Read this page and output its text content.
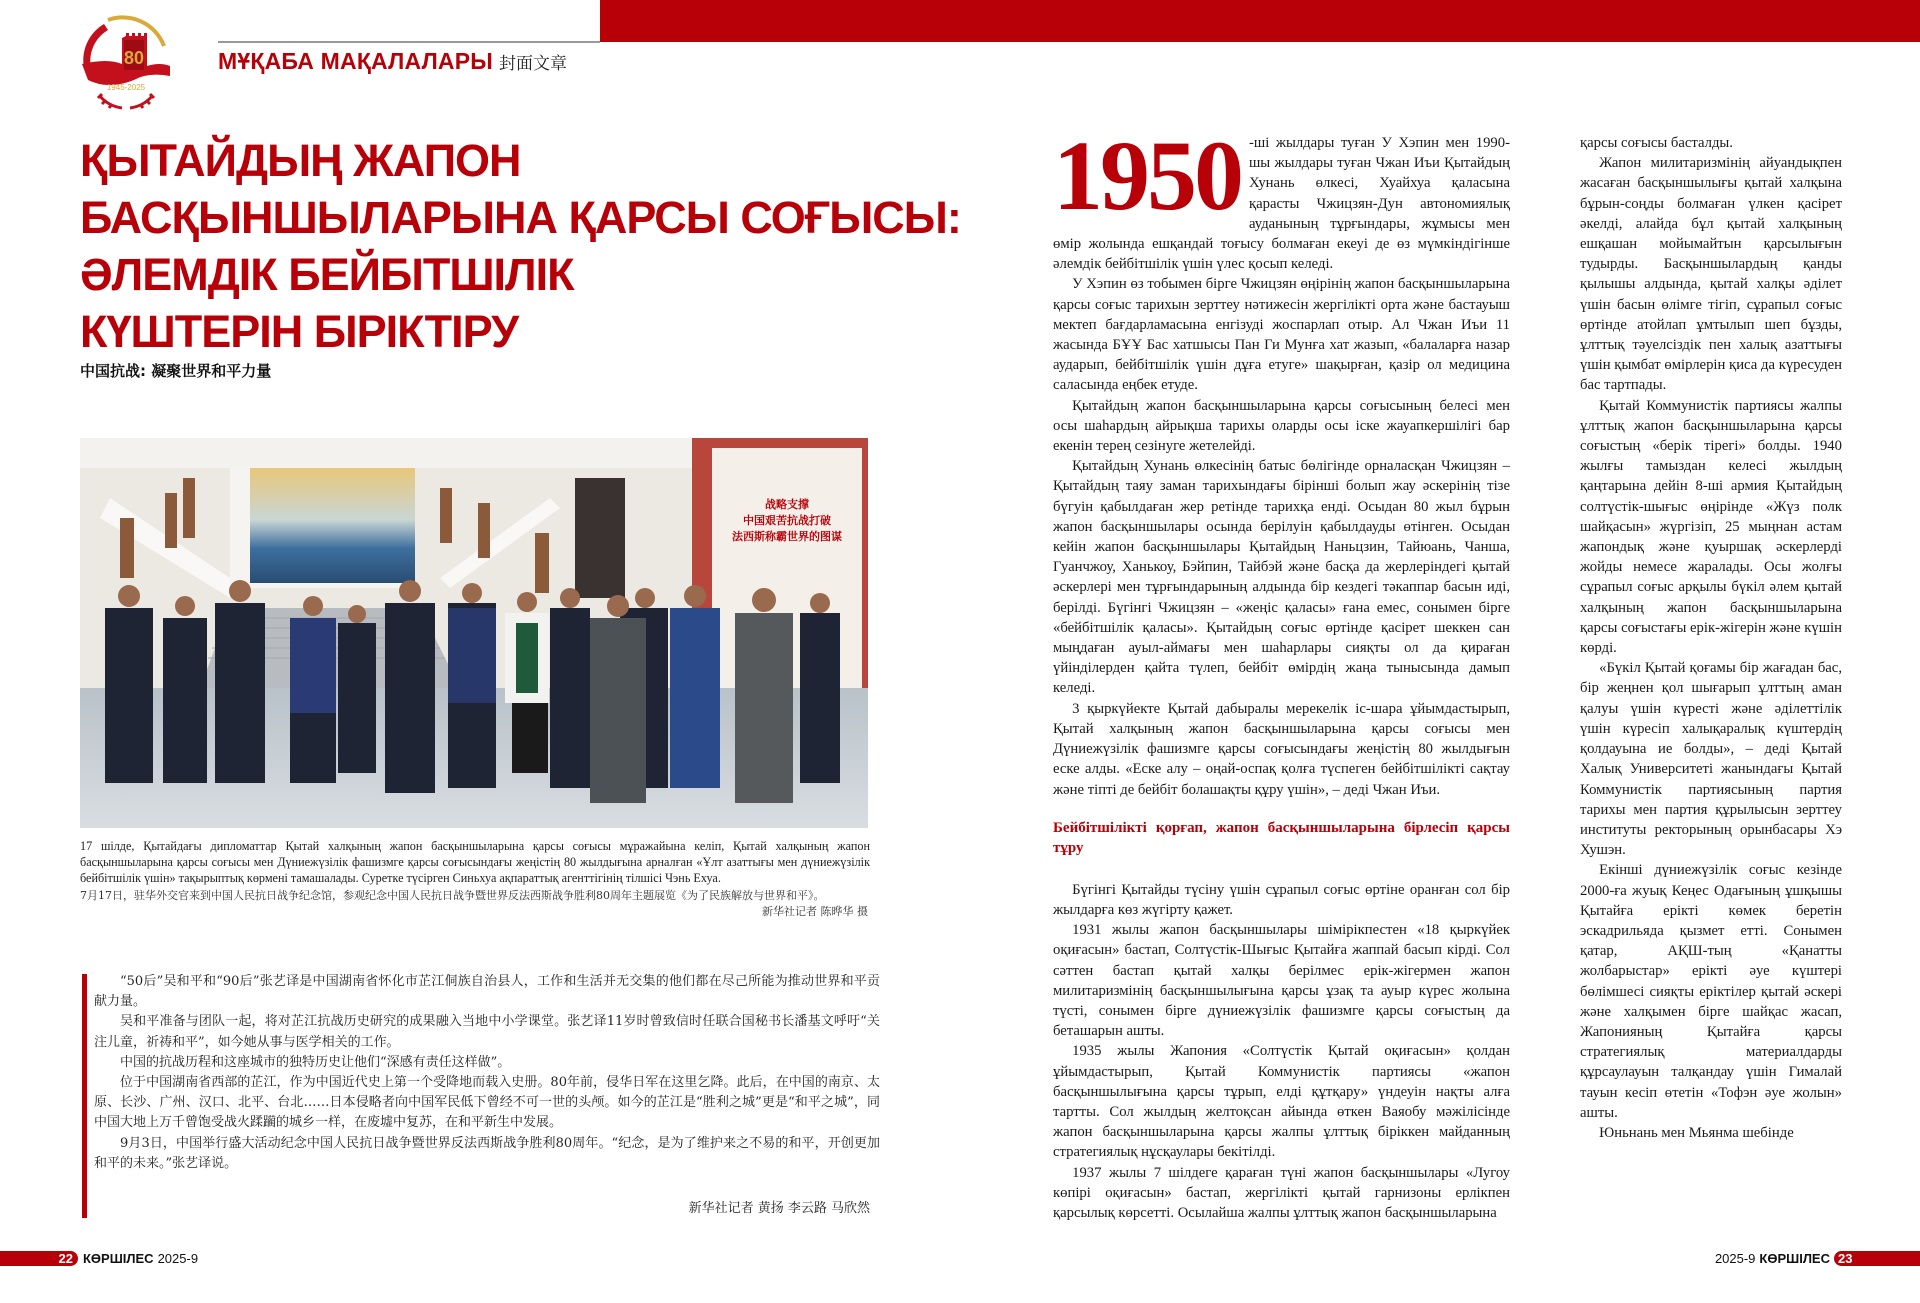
80
1945-2025
МҰҚАБА МАҚАЛАЛАРЫ 封面文章
ҚЫТАЙДЫҢ ЖАПОН
БАСҚЫНШЫЛАРЫНА ҚАРСЫ СОҒЫСЫ:
ӘЛЕМДІК БЕЙБІТШІЛІК
КҮШТЕРІН БІРІКТІРУ
中国抗战: 凝聚世界和平力量
战略支撑
中国艰苦抗战打破
法西斯称霸世界的图谋
17 шілде, Қытайдағы дипломаттар Қытай халқының жапон басқыншыларына қарсы соғысы мұражайына келіп, Қытай халқының жапон басқыншыларына қарсы соғысы мен Дүниежүзілік фашизмге қарсы соғысындағы жеңістің 80 жылдығына арналған «Ұлт азаттығы мен дүниежүзілік бейбітшілік үшін» тақырыптық көрмені тамашалады. Суретке түсірген Синьхуа ақпараттық агенттігінің тілшісі Чэнь Ехуа.
7月17日，驻华外交官来到中国人民抗日战争纪念馆，参观纪念中国人民抗日战争暨世界反法西斯战争胜利80周年主题展览《为了民族解放与世界和平》。
新华社记者 陈晔华 摄

“50后”吴和平和“90后”张艺译是中国湖南省怀化市芷江侗族自治县人，工作和生活并无交集的他们都在尽己所能为推动世界和平贡献力量。

吴和平准备与团队一起，将对芷江抗战历史研究的成果融入当地中小学课堂。张艺译11岁时曾致信时任联合国秘书长潘基文呼吁“关注儿童，祈祷和平”，如今她从事与医学相关的工作。

中国的抗战历程和这座城市的独特历史让他们“深感有责任这样做”。

位于中国湖南省西部的芷江，作为中国近代史上第一个受降地而载入史册。80年前，侵华日军在这里乞降。此后，在中国的南京、太原、长沙、广州、汉口、北平、台北……日本侵略者向中国军民低下曾经不可一世的头颅。如今的芷江是“胜利之城”更是“和平之城”，同中国大地上万千曾饱受战火蹂躏的城乡一样，在废墟中复苏，在和平新生中发展。

9月3日，中国举行盛大活动纪念中国人民抗日战争暨世界反法西斯战争胜利80周年。“纪念，是为了维护来之不易的和平，开创更加和平的未来。”张艺译说。

新华社记者 黄扬 李云路 马欣然
1950 -ші жылдары туған У Хэпин мен 1990-шы жылдары туған Чжан Иъи Қытайдың Хунань өлкесі, Хуайхуа қаласына қарасты Чжицзян-Дун автономиялық ауданының тұрғындары, жұмысы мен өмір жолында ешқандай тоғысу болмаған екеуі де өз мүмкіндігінше әлемдік бейбітшілік үшін үлес қосып келеді.

У Хэпин өз тобымен бірге Чжицзян өңірінің жапон басқыншыларына қарсы соғыс тарихын зерттеу нәтижесін жергілікті орта және бастауыш мектеп бағдарламасына енгізуді жоспарлап отыр. Ал Чжан Иъи 11 жасында БҰҰ Бас хатшысы Пан Ги Мунға хат жазып, «балаларға назар аударып, бейбітшілік үшін дұға етуге» шақырған, қазір ол медицина саласында еңбек етуде.

Қытайдың жапон басқыншыларына қарсы соғысының белесі мен осы шаһардың айрықша тарихы оларды осы іске жауапкершілігі бар екенін терең сезінуге жетелейді.

Қытайдың Хунань өлкесінің батыс бөлігінде орналасқан Чжицзян – Қытайдың таяу заман тарихындағы бірінші болып жау әскерінің тізе бүгуін қабылдаған жер ретінде тарихқа енді. Осыдан 80 жыл бұрын жапон басқыншылары осында берілуін қабылдауды өтінген. Осыдан кейін жапон басқыншылары Қытайдың Наньцзин, Тайюань, Чанша, Гуанчжоу, Ханькоу, Бэйпин, Тайбэй және басқа да жерлеріндегі қытай әскерлері мен тұрғындарының алдында бір кездегі тәкаппар басын иді, берілді. Бүгінгі Чжицзян – «жеңіс қаласы» ғана емес, сонымен бірге «бейбітшілік қаласы». Қытайдың соғыс өртінде қасірет шеккен сан мыңдаған ауыл-аймағы мен шаһарлары сияқты ол да қираған үйінділерден қайта түлеп, бейбіт өмірдің жаңа тынысында дамып келеді.

3 қыркүйекте Қытай дабыралы мерекелік іс-шара ұйымдастырып, Қытай халқының жапон басқыншыларына қарсы соғысы мен Дүниежүзілік фашизмге қарсы соғысындағы жеңістің 80 жылдығын еске алды. «Еске алу – оңай-оспақ қолға түспеген бейбітшілікті сақтау және тіпті де бейбіт болашақты құру үшін», – деді Чжан Иъи.

Бейбітшілікті қорғап, жапон басқыншыларына бірлесіп қарсы тұру

Бүгінгі Қытайды түсіну үшін сұрапыл соғыс өртіне оранған сол бір жылдарға көз жүгірту қажет.

1931 жылы жапон басқыншылары шімірікпестен «18 қыркүйек оқиғасын» бастап, Солтүстік-Шығыс Қытайға жаппай басып кірді. Сол сәттен бастап қытай халқы берілмес ерік-жігермен жапон милитаризмінің басқыншылығына қарсы ұзақ та ауыр күрес жолына түсті, сонымен бірге дүниежүзілік фашизмге қарсы соғыстың да беташарын ашты.

1935 жылы Жапония «Солтүстік Қытай оқиғасын» қолдан ұйымдастырып, Қытай Коммунистік партиясы «жапон басқыншылығына қарсы тұрып, елді құтқару» үндеуін нақты алға тартты. Сол жылдың желтоқсан айында өткен Ваяобу мәжілісінде жапон басқыншыларына қарсы жалпы ұлттық біріккен майданның стратегиялық нұсқаулары бекітілді.

1937 жылы 7 шілдеге қараған түні жапон басқыншылары «Лугоу көпірі оқиғасын» бастап, жергілікті қытай гарнизоны ерлікпен қарсылық көрсетті. Осылайша жалпы ұлттық жапон басқыншыларына

қарсы соғысы басталды.

Жапон милитаризмінің айуандықпен жасаған басқыншылығы қытай халқына бұрын-соңды болмаған үлкен қасірет әкелді, алайда бұл қытай халқының ешқашан мойымайтын қарсылығын тудырды. Басқыншылардың қанды қылышы алдында, қытай халқы әділет үшін басын өлімге тігіп, сұрапыл соғыс өртінде атойлап ұмтылып шеп бұзды, ұлттық тәуелсіздік пен халық азаттығы үшін қымбат өмірлерін қиса да күресуден бас тартпады.

Қытай Коммунистік партиясы жалпы ұлттық жапон басқыншыларына қарсы соғыстың «берік тірегі» болды. 1940 жылғы тамыздан келесі жылдың қаңтарына дейін 8-ші армия Қытайдың солтүстік-шығыс өңірінде «Жүз полк шайқасын» жүргізіп, 25 мыңнан астам жапондық және қуыршақ әскерлерді жойды немесе жаралады. Осы жолғы сұрапыл соғыс арқылы бүкіл әлем қытай халқының жапон басқыншыларына қарсы соғыстағы ерік-жігерін және күшін көрді.

«Бүкіл Қытай қоғамы бір жағадан бас, бір жеңнен қол шығарып ұлттың аман қалуы үшін күресті және әділеттілік үшін күресіп халықаралық күштердің қолдауына ие болды», – деді Қытай Халық Университеті жанындағы Қытай Коммунистік партиясының партия тарихы мен партия құрылысын зерттеу институты ректорының орынбасары Хэ Хушэн.

Екінші дүниежүзілік соғыс кезінде 2000-ға жуық Кеңес Одағының ұшқышы Қытайға ерікті көмек беретін эскадрильяда қызмет етті. Сонымен қатар, АҚШ-тың «Қанатты жолбарыстар» ерікті әуе күштері бөлімшесі сияқты еріктілер қытай әскері және халқымен бірге шайқас жасап, Жапонияның Қытайға қарсы стратегиялық материалдарды құрсаулауын талқандау үшін Гималай тауын кесіп өтетін «Тофэн әуе жолын» ашты.

Юньнань мен Мьянма шебінде

22 КӨРШІЛЕС 2025-9	2025-9 КӨРШІЛЕС 23
